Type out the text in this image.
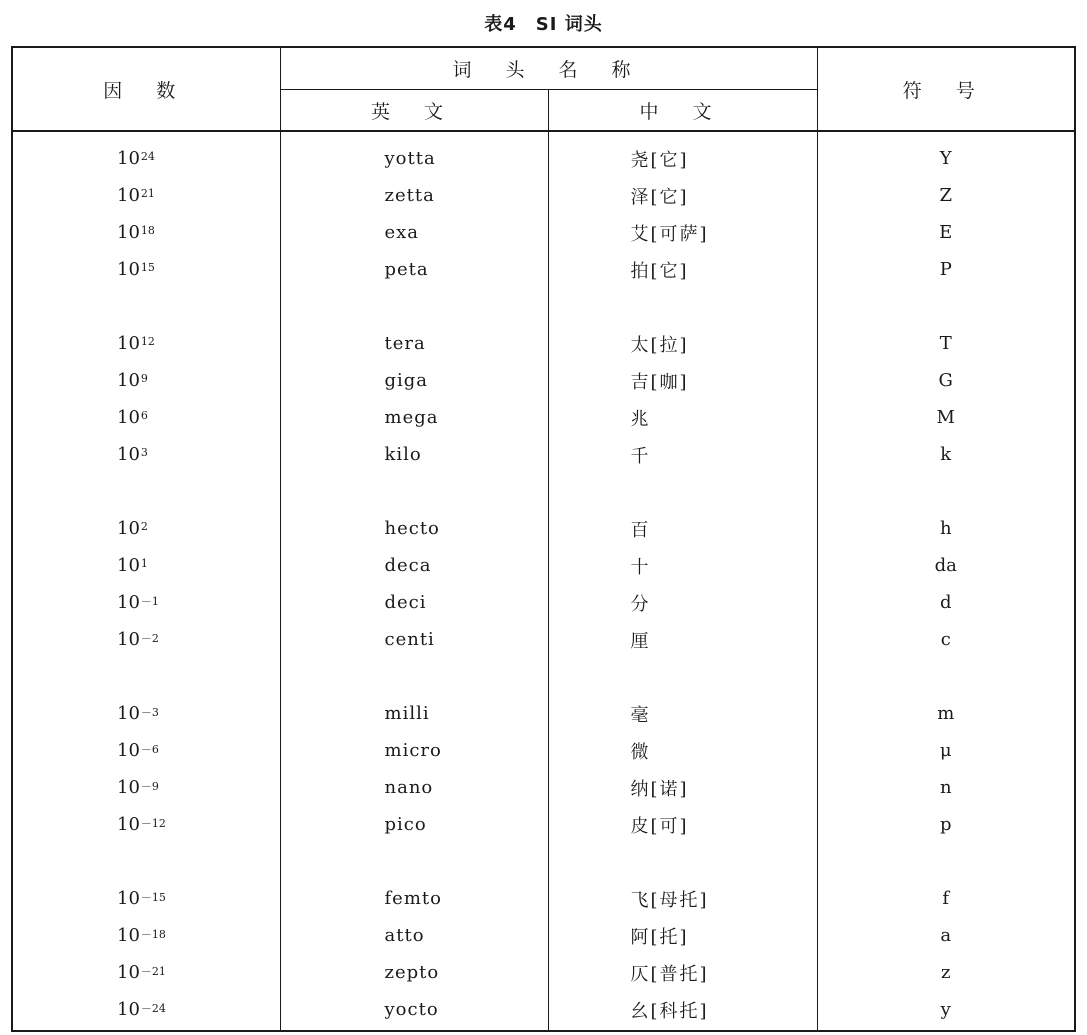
表4　SI 词头
因 数	词 头 名 称		符 号
	英 文	中 文	

$10^{24}$	yotta	尧[它]	Y

$10^{21}$	zetta	泽[它]	Z

$10^{18}$	exa	艾[可萨]	E

$10^{15}$	peta	拍[它]	P

$10^{12}$	tera	太[拉]	T

$10^9$	giga	吉[咖]	G

$10^6$	mega	兆	M

$10^3$	kilo	千	k

$10^2$	hecto	百	h

$10^1$	deca	十	da

$10^{-1}$	deci	分	d

$10^{-2}$	centi	厘	c

$10^{-3}$	milli	毫	m

$10^{-6}$	micro	微	μ

$10^{-9}$	nano	纳[诺]	n

$10^{-12}$	pico	皮[可]	p

$10^{-15}$	femto	飞[母托]	f

$10^{-18}$	atto	阿[托]	a

$10^{-21}$	zepto	仄[普托]	z

$10^{-24}$	yocto	幺[科托]	y
